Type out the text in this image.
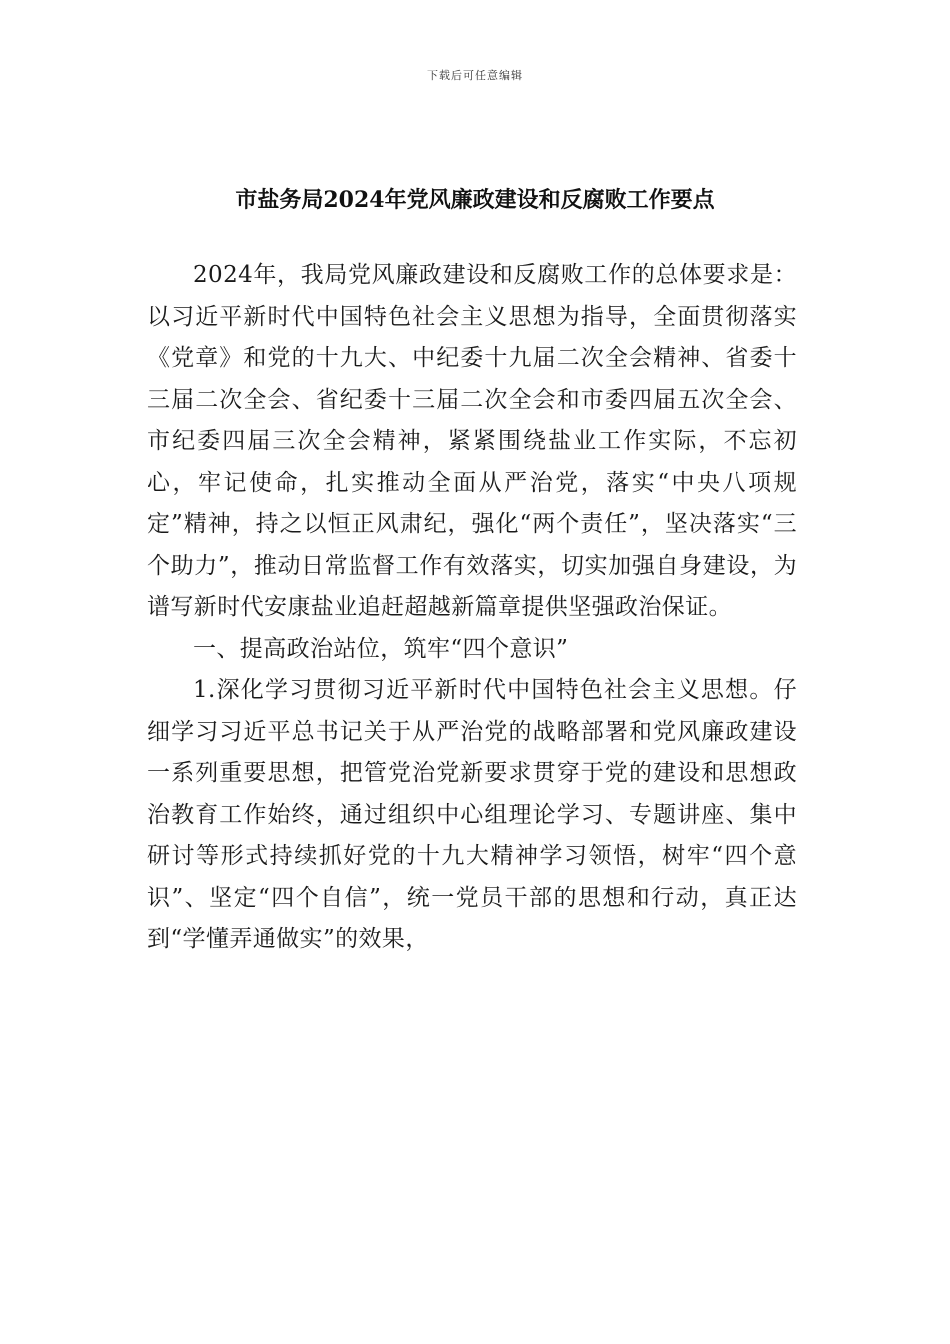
下载后可任意编辑
市盐务局2024年党风廉政建设和反腐败工作要点

2024年，我局党风廉政建设和反腐败工作的总体要求是：以习近平新时代中国特色社会主义思想为指导，全面贯彻落实《党章》和党的十九大、中纪委十九届二次全会精神、省委十三届二次全会、省纪委十三届二次全会和市委四届五次全会、市纪委四届三次全会精神，紧紧围绕盐业工作实际，不忘初心，牢记使命，扎实推动全面从严治党，落实“中央八项规定”精神，持之以恒正风肃纪，强化“两个责任”，坚决落实“三个助力”，推动日常监督工作有效落实，切实加强自身建设，为谱写新时代安康盐业追赶超越新篇章提供坚强政治保证。

一、提高政治站位，筑牢“四个意识”

1.深化学习贯彻习近平新时代中国特色社会主义思想。仔细学习习近平总书记关于从严治党的战略部署和党风廉政建设一系列重要思想，把管党治党新要求贯穿于党的建设和思想政治教育工作始终，通过组织中心组理论学习、专题讲座、集中研讨等形式持续抓好党的十九大精神学习领悟，树牢“四个意识”、坚定“四个自信”，统一党员干部的思想和行动，真正达到“学懂弄通做实”的效果，
